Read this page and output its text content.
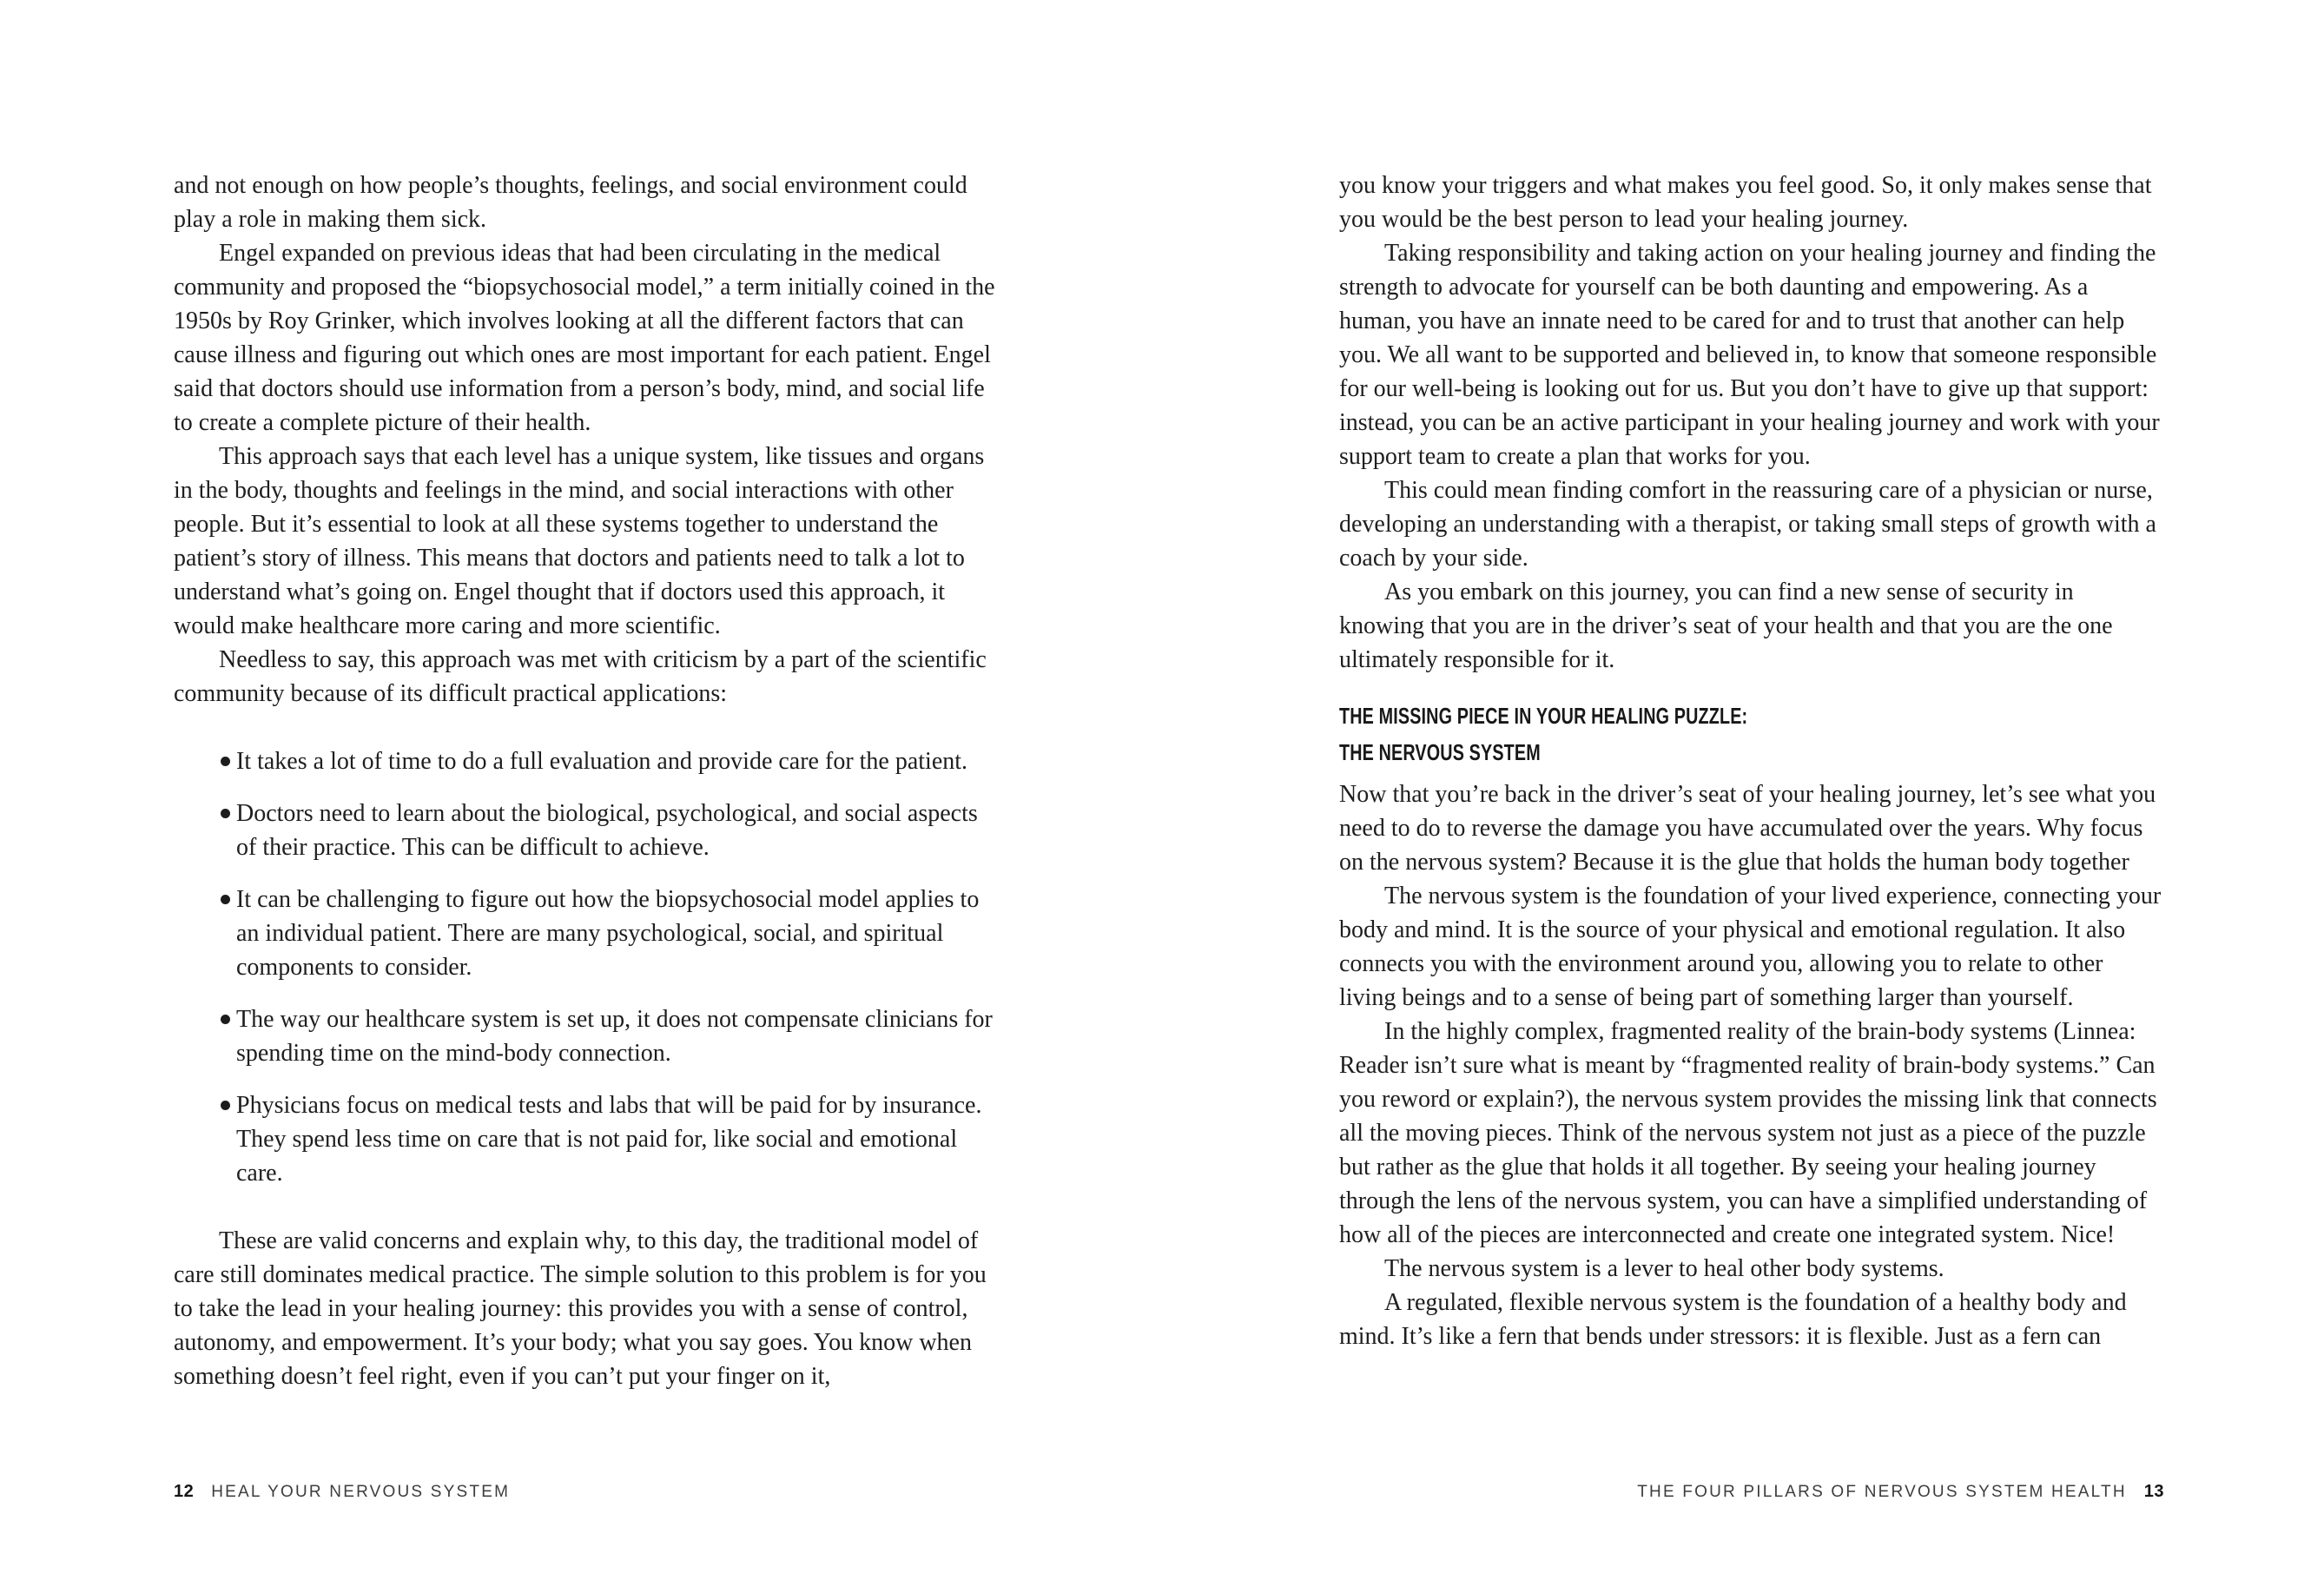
and not enough on how people’s thoughts, feelings, and social environment could play a role in making them sick.

Engel expanded on previous ideas that had been circulating in the medical community and proposed the “biopsychosocial model,” a term initially coined in the 1950s by Roy Grinker, which involves looking at all the different factors that can cause illness and figuring out which ones are most important for each patient. Engel said that doctors should use information from a person’s body, mind, and social life to create a complete picture of their health.

This approach says that each level has a unique system, like tissues and organs in the body, thoughts and feelings in the mind, and social interactions with other people. But it’s essential to look at all these systems together to understand the patient’s story of illness. This means that doctors and patients need to talk a lot to understand what’s going on. Engel thought that if doctors used this approach, it would make healthcare more caring and more scientific.

Needless to say, this approach was met with criticism by a part of the scientific community because of its difficult practical applications:

It takes a lot of time to do a full evaluation and provide care for the patient.
Doctors need to learn about the biological, psychological, and social aspects of their practice. This can be difficult to achieve.
It can be challenging to figure out how the biopsychosocial model applies to an individual patient. There are many psychological, social, and spiritual components to consider.
The way our healthcare system is set up, it does not compensate clinicians for spending time on the mind-body connection.
Physicians focus on medical tests and labs that will be paid for by insurance. They spend less time on care that is not paid for, like social and emotional care.

These are valid concerns and explain why, to this day, the traditional model of care still dominates medical practice. The simple solution to this problem is for you to take the lead in your healing journey: this provides you with a sense of control, autonomy, and empowerment. It’s your body; what you say goes. You know when something doesn’t feel right, even if you can’t put your finger on it,

12 HEAL YOUR NERVOUS SYSTEM

you know your triggers and what makes you feel good. So, it only makes sense that you would be the best person to lead your healing journey.

Taking responsibility and taking action on your healing journey and finding the strength to advocate for yourself can be both daunting and empowering. As a human, you have an innate need to be cared for and to trust that another can help you. We all want to be supported and believed in, to know that someone responsible for our well-being is looking out for us. But you don’t have to give up that support: instead, you can be an active participant in your healing journey and work with your support team to create a plan that works for you.

This could mean finding comfort in the reassuring care of a physician or nurse, developing an understanding with a therapist, or taking small steps of growth with a coach by your side.

As you embark on this journey, you can find a new sense of security in knowing that you are in the driver’s seat of your health and that you are the one ultimately responsible for it.

THE MISSING PIECE IN YOUR HEALING PUZZLE:
THE NERVOUS SYSTEM

Now that you’re back in the driver’s seat of your healing journey, let’s see what you need to do to reverse the damage you have accumulated over the years. Why focus on the nervous system? Because it is the glue that holds the human body together

The nervous system is the foundation of your lived experience, connecting your body and mind. It is the source of your physical and emotional regulation. It also connects you with the environment around you, allowing you to relate to other living beings and to a sense of being part of something larger than yourself.

In the highly complex, fragmented reality of the brain-body systems (Linnea: Reader isn’t sure what is meant by “fragmented reality of brain-body systems.” Can you reword or explain?), the nervous system provides the missing link that connects all the moving pieces. Think of the nervous system not just as a piece of the puzzle but rather as the glue that holds it all together. By seeing your healing journey through the lens of the nervous system, you can have a simplified understanding of how all of the pieces are interconnected and create one integrated system. Nice!

The nervous system is a lever to heal other body systems.

A regulated, flexible nervous system is the foundation of a healthy body and mind. It’s like a fern that bends under stressors: it is flexible. Just as a fern can

THE FOUR PILLARS OF NERVOUS SYSTEM HEALTH 13
